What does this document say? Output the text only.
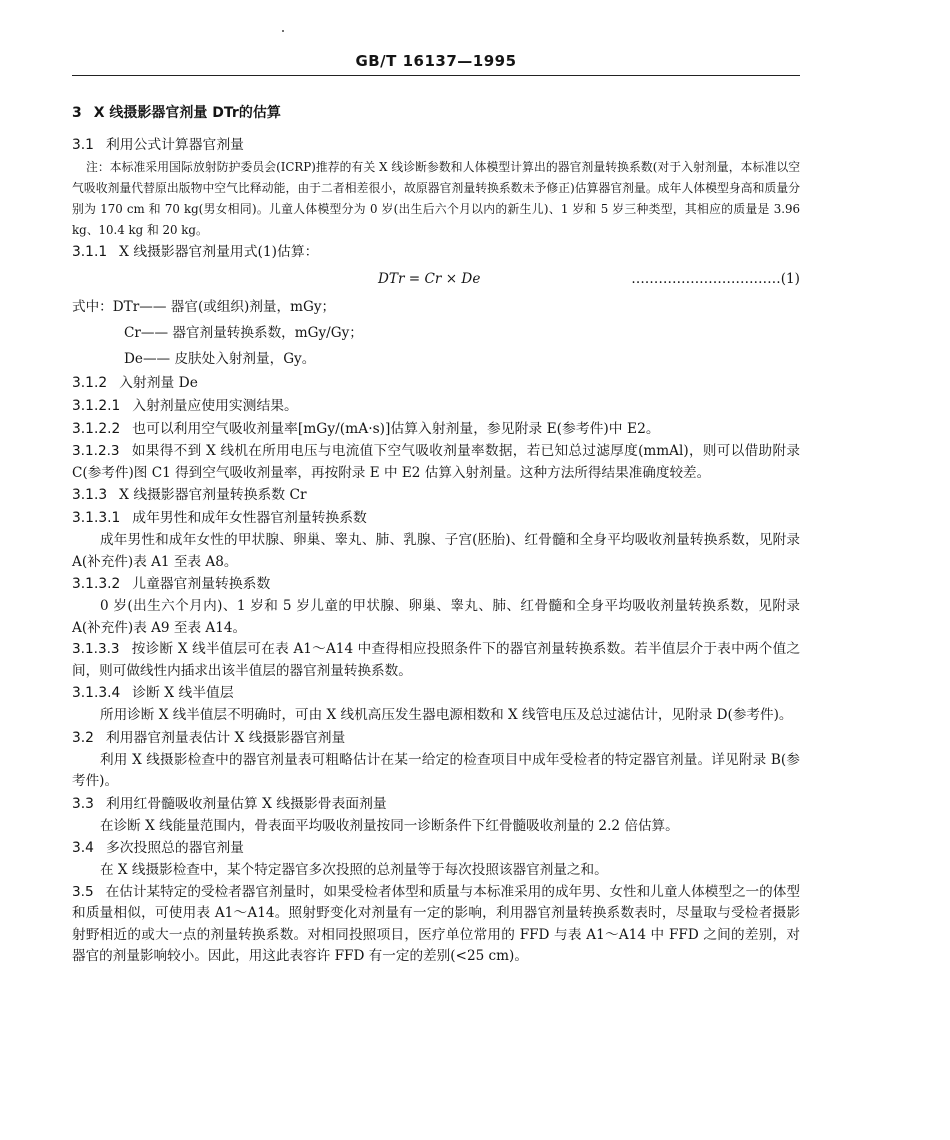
GB/T 16137—1995

3 X 线摄影器官剂量 DTr的估算

3.1 利用公式计算器官剂量

注：本标准采用国际放射防护委员会(ICRP)推荐的有关 X 线诊断参数和人体模型计算出的器官剂量转换系数(对于入射剂量，本标准以空气吸收剂量代替原出版物中空气比释动能，由于二者相差很小，故原器官剂量转换系数未予修正)估算器官剂量。成年人体模型身高和质量分别为 170 cm 和 70 kg(男女相同)。儿童人体模型分为 0 岁(出生后六个月以内的新生儿)、1 岁和 5 岁三种类型，其相应的质量是 3.96 kg、10.4 kg 和 20 kg。

3.1.1 X 线摄影器官剂量用式(1)估算：

DTr = Cr × De	……………………………(1)

式中：DTr—— 器官(或组织)剂量，mGy；

Cr—— 器官剂量转换系数，mGy/Gy；

De—— 皮肤处入射剂量，Gy。

3.1.2 入射剂量 De

3.1.2.1 入射剂量应使用实测结果。

3.1.2.2 也可以利用空气吸收剂量率[mGy/(mA·s)]估算入射剂量，参见附录 E(参考件)中 E2。

3.1.2.3 如果得不到 X 线机在所用电压与电流值下空气吸收剂量率数据，若已知总过滤厚度(mmAl)，则可以借助附录 C(参考件)图 C1 得到空气吸收剂量率，再按附录 E 中 E2 估算入射剂量。这种方法所得结果准确度较差。

3.1.3 X 线摄影器官剂量转换系数 Cr

3.1.3.1 成年男性和成年女性器官剂量转换系数

成年男性和成年女性的甲状腺、卵巢、睾丸、肺、乳腺、子宫(胚胎)、红骨髓和全身平均吸收剂量转换系数，见附录 A(补充件)表 A1 至表 A8。

3.1.3.2 儿童器官剂量转换系数

0 岁(出生六个月内)、1 岁和 5 岁儿童的甲状腺、卵巢、睾丸、肺、红骨髓和全身平均吸收剂量转换系数，见附录 A(补充件)表 A9 至表 A14。

3.1.3.3 按诊断 X 线半值层可在表 A1～A14 中查得相应投照条件下的器官剂量转换系数。若半值层介于表中两个值之间，则可做线性内插求出该半值层的器官剂量转换系数。

3.1.3.4 诊断 X 线半值层

所用诊断 X 线半值层不明确时，可由 X 线机高压发生器电源相数和 X 线管电压及总过滤估计，见附录 D(参考件)。

3.2 利用器官剂量表估计 X 线摄影器官剂量

利用 X 线摄影检查中的器官剂量表可粗略估计在某一给定的检查项目中成年受检者的特定器官剂量。详见附录 B(参考件)。

3.3 利用红骨髓吸收剂量估算 X 线摄影骨表面剂量

在诊断 X 线能量范围内，骨表面平均吸收剂量按同一诊断条件下红骨髓吸收剂量的 2.2 倍估算。

3.4 多次投照总的器官剂量

在 X 线摄影检查中，某个特定器官多次投照的总剂量等于每次投照该器官剂量之和。

3.5 在估计某特定的受检者器官剂量时，如果受检者体型和质量与本标准采用的成年男、女性和儿童人体模型之一的体型和质量相似，可使用表 A1～A14。照射野变化对剂量有一定的影响，利用器官剂量转换系数表时，尽量取与受检者摄影射野相近的或大一点的剂量转换系数。对相同投照项目，医疗单位常用的 FFD 与表 A1～A14 中 FFD 之间的差别，对器官的剂量影响较小。因此，用这此表容许 FFD 有一定的差别(<25 cm)。
